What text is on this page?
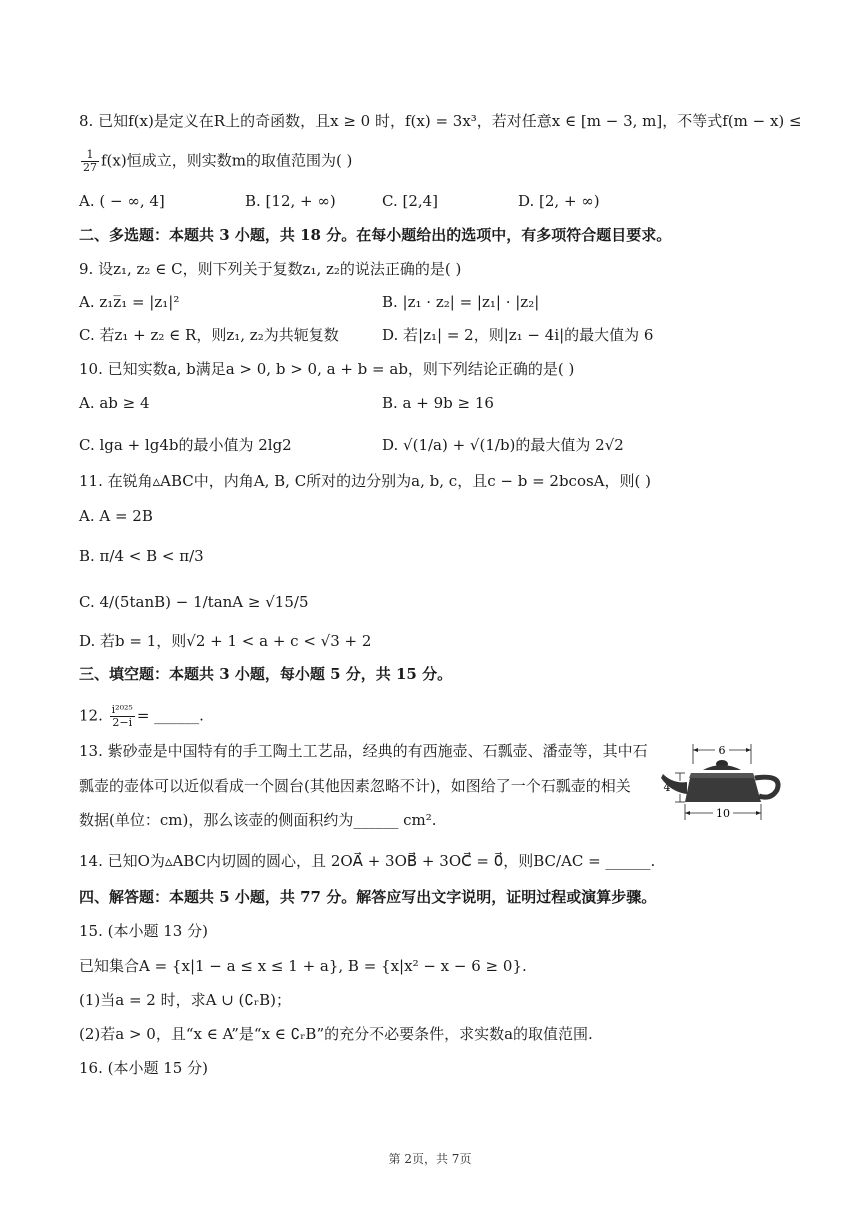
8. 已知f(x)是定义在R上的奇函数，且x ≥ 0 时，f(x) = 3x³，若对任意x ∈ [m − 3, m]，不等式f(m − x) ≤
$\frac{1}{27} f(x)$恒成立，则实数m的取值范围为( )
A. ( − ∞, 4]	B. [12, + ∞)	C. [2,4]	D. [2, + ∞)
二、多选题：本题共 3 小题，共 18 分。在每小题给出的选项中，有多项符合题目要求。
9. 设z₁, z₂ ∈ C，则下列关于复数z₁, z₂的说法正确的是( )
A. z₁z̅₁ = |z₁|²	B. |z₁ · z₂| = |z₁| · |z₂|
C. 若z₁ + z₂ ∈ R，则z₁, z₂为共轭复数	D. 若|z₁| = 2，则|z₁ − 4i|的最大值为 6
10. 已知实数a, b满足a > 0, b > 0, a + b = ab，则下列结论正确的是( )
A. ab ≥ 4	B. a + 9b ≥ 16
C. lga + lg4b的最小值为 2lg2	D. √(1/a) + √(1/b)的最大值为 2√2
11. 在锐角▵ABC中，内角A, B, C所对的边分别为a, b, c，且c − b = 2bcosA，则( )
A. A = 2B
B. π/4 < B < π/3
C. 4/(5tanB) − 1/tanA ≥ √15/5
D. 若b = 1，则√2 + 1 < a + c < √3 + 2
三、填空题：本题共 3 小题，每小题 5 分，共 15 分。
12. $\frac{\text{i²⁰²⁵}}{2-i}$ = ______.
13. 紫砂壶是中国特有的手工陶土工艺品，经典的有西施壶、石瓢壶、潘壶等，其中石
瓢壶的壶体可以近似看成一个圆台(其他因素忽略不计)，如图给了一个石瓢壶的相关
数据(单位：cm)，那么该壶的侧面积约为______ cm².
6
4
10
14. 已知O为▵ABC内切圆的圆心，且 2OA⃗ + 3OB⃗ + 3OC⃗ = 0⃗，则BC/AC = ______.
四、解答题：本题共 5 小题，共 77 分。解答应写出文字说明，证明过程或演算步骤。
15. (本小题 13 分)
已知集合A = {x|1 − a ≤ x ≤ 1 + a}, B = {x|x² − x − 6 ≥ 0}.
(1)当a = 2 时，求A ∪ (∁ᵣB)；
(2)若a > 0，且“x ∈ A”是“x ∈ ∁ᵣB”的充分不必要条件，求实数a的取值范围.
16. (本小题 15 分)
第 2页，共 7页
